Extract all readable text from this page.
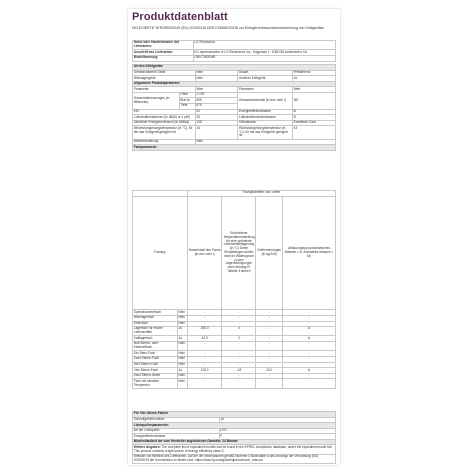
Produktdatenblatt
DELEGIERTE VERORDNUNG (EU) 2019/2016 DER KOMMISSION zur Energieverbrauchskennzeichnung von Kühlgeräten
Name oder Handelsmarke des Lieferanten:	LG Electronics
Anschrift des Lieferanten:	EU representative of LG Electronics Inc., Krijgsman 1, 1186 DM Amstelveen, NL
Modellkennung:	GBV7280EMB
Art des Kühlgeräts:				
Geräuscharmes Gerät		Nein	Bauart	Freistehend
Weinlagergerät		Nein	Anderes Kühlgerät	Ja
Allgemeine Produktparameter:				
Parameter		Wert	Parameter	Wert
Gesamtabmessungen (in Millimeter)	Höhe	2 030	Gesamtrauminhalt (in dm³ oder l)	387
	Brei-te	595		
	Tiefe	675		
EEI		53	Energieeffizienzklasse	B
Luftschallemissionen (in dB(A) re 1 pW)		33	Luftschallemissionsklasse	B
Jährlicher Energieverbrauch (in kWh/a)		138	Klimaklasse	Erweiterte Zone
Mindestumgebungstemperatur (in °C), für die das Kühlgerät geeignet ist		16	Höchstumgebungstemperatur (in °C), für die das Kühlgerät geeignet ist	43
Wintereinstellung		Nein		
Fachparameter:				
		Fachparameter und -werte			
Fachtyp		Rauminhalt des Fachs (in dm³ oder l)	Empfohlene Temperatureinstellung für eine optimierte Lebensmittellagerung (in °C) Diese Einstellungen dürfen nicht im Widerspruch zu den Lagerbedingungen nach Anhang IV Tabelle 3 stehen	Gefriervermögen (in kg/24h)	Abtauungstyp (automatisches Abtauen = A, manuelles Abtauen = M)
Speisekammerfach	Nein	-	-	-	-
Weinlagerfach	Nein	-	-	-	-
Kellerfach	Nein	-	-	-	-
Lagerfach für frische Lebensmittel	Ja	255,0	4	-	A
Kaltlagerfach	Ja	44,0	2	-	A
Null-Sterne- oder Eisbereitfach	Nein	-	-	-	-
Ein-Stern-Fach	Nein	-	-	-	-
Zwei-Sterne-Fach	Nein	-	-	-	-
Drei-Sterne-Fach	Nein	-	-	-	-
Vier-Sterne-Fach	Ja	115,0	-18	10,0	A
Zwei-Sterne-Abteil	Nein	-	-	-	-
Fach mit variabler Temperatur	Nein	-	-	-	-
Für Vier-Sterne-Fächer	
Schnellgefrierfunktion	Ja
Lichtquellenparameter:	
Art der Lichtquelle	LED
Energieeffizienzklasse	F
Mindestlaufzeit der vom Hersteller angebotenen Garantie: 24 Monate	
Weitere Angaben: The complete list of equivalent models can be found in the EPREL compliance database, under the equivalent model tab. This product contains a light source of energy efficiency class G.	
Website von Weblink des Lieferanten, auf der die Informationen gemäß Nummer 4 Buchstabe a des Anhangs der Verordnung (EU) 2019/2019 der Kommission zu finden sind: https://www.lg.com/global/qpa/common_manual	
